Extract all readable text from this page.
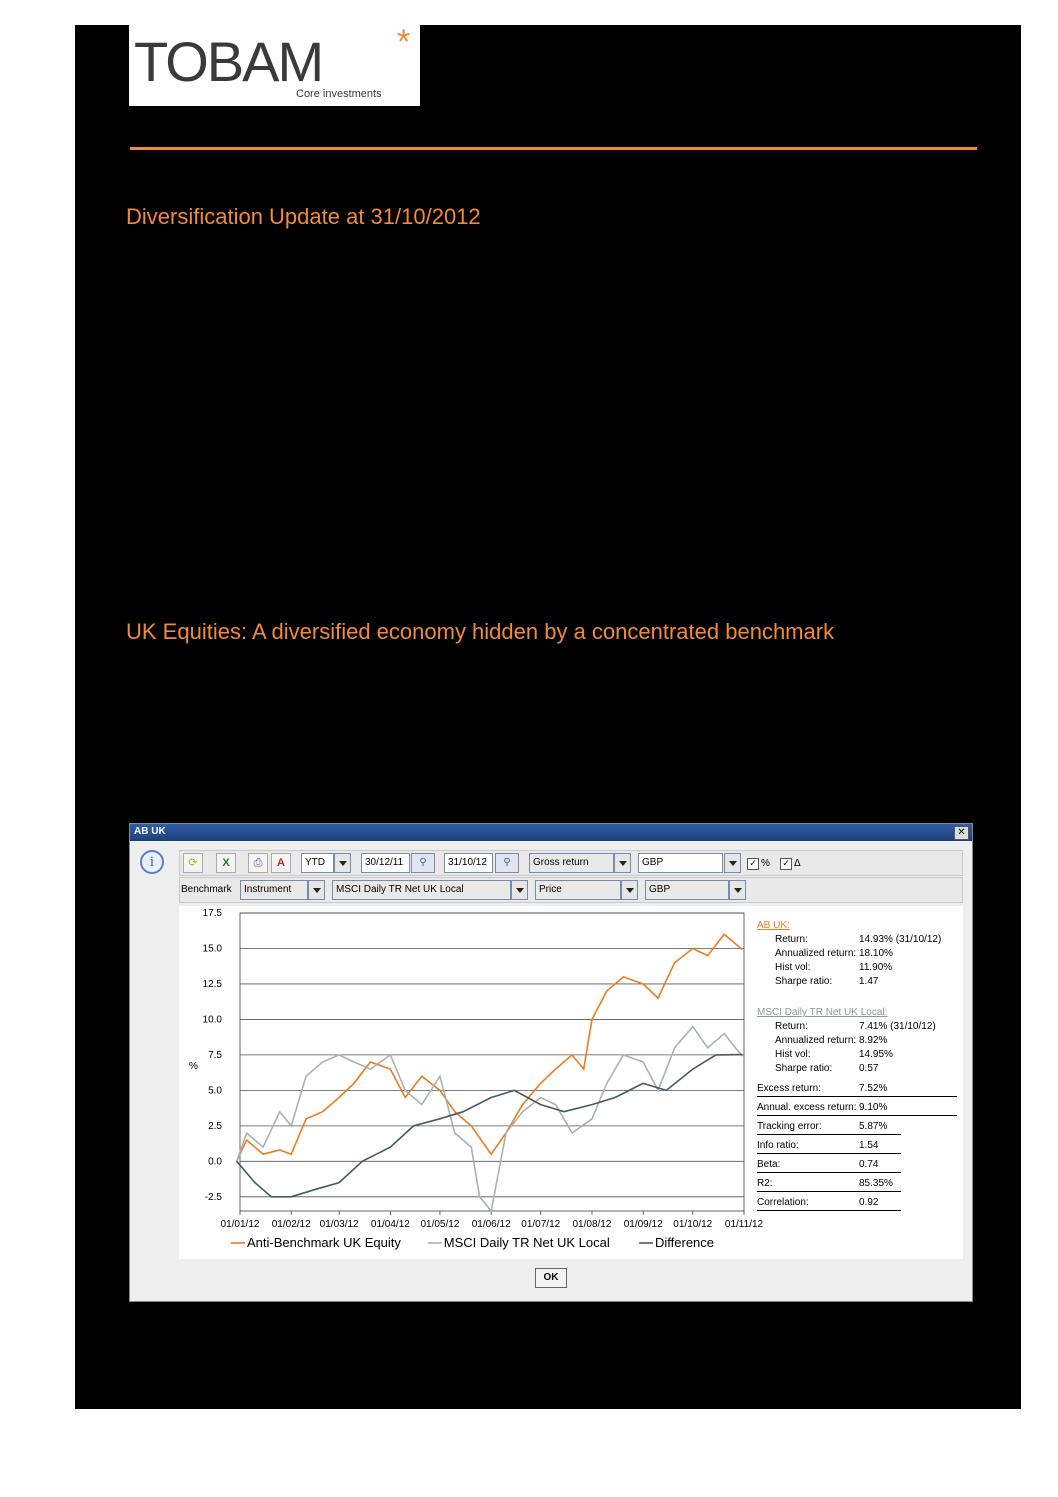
TOBAM *
Core investments
Diversification Update at 31/10/2012
UK Equities: A diversified economy hidden by a concentrated benchmark
AB UK	✕
i	⟳	X	⎙	A	YTD	30/12/11	⚲	31/10/12	⚲	Gross return	GBP	✓ % ✓ Δ
Benchmark	Instrument	MSCI Daily TR Net UK Local	Price	GBP
17.5
15.0
12.5
10.0
7.5
5.0
2.5
0.0
-2.5
%
01/01/12 01/02/12 01/03/12 01/04/12 01/05/12 01/06/12 01/07/12 01/08/12 01/09/12 01/10/12 01/11/12
Anti-Benchmark UK Equity	MSCI Daily TR Net UK Local	Difference
AB UK:
Return:	14.93% (31/10/12)
Annualized return: 18.10%
Hist vol:	11.90%
Sharpe ratio:	1.47
MSCI Daily TR Net UK Local:
Return:	7.41% (31/10/12)
Annualized return: 8.92%
Hist vol:	14.95%
Sharpe ratio:	0.57
Excess return:	7.52%
Annual. excess return: 9.10%
Tracking error:	5.87%
Info ratio:	1.54
Beta:	0.74
R2:	85.35%
Correlation:	0.92
OK
